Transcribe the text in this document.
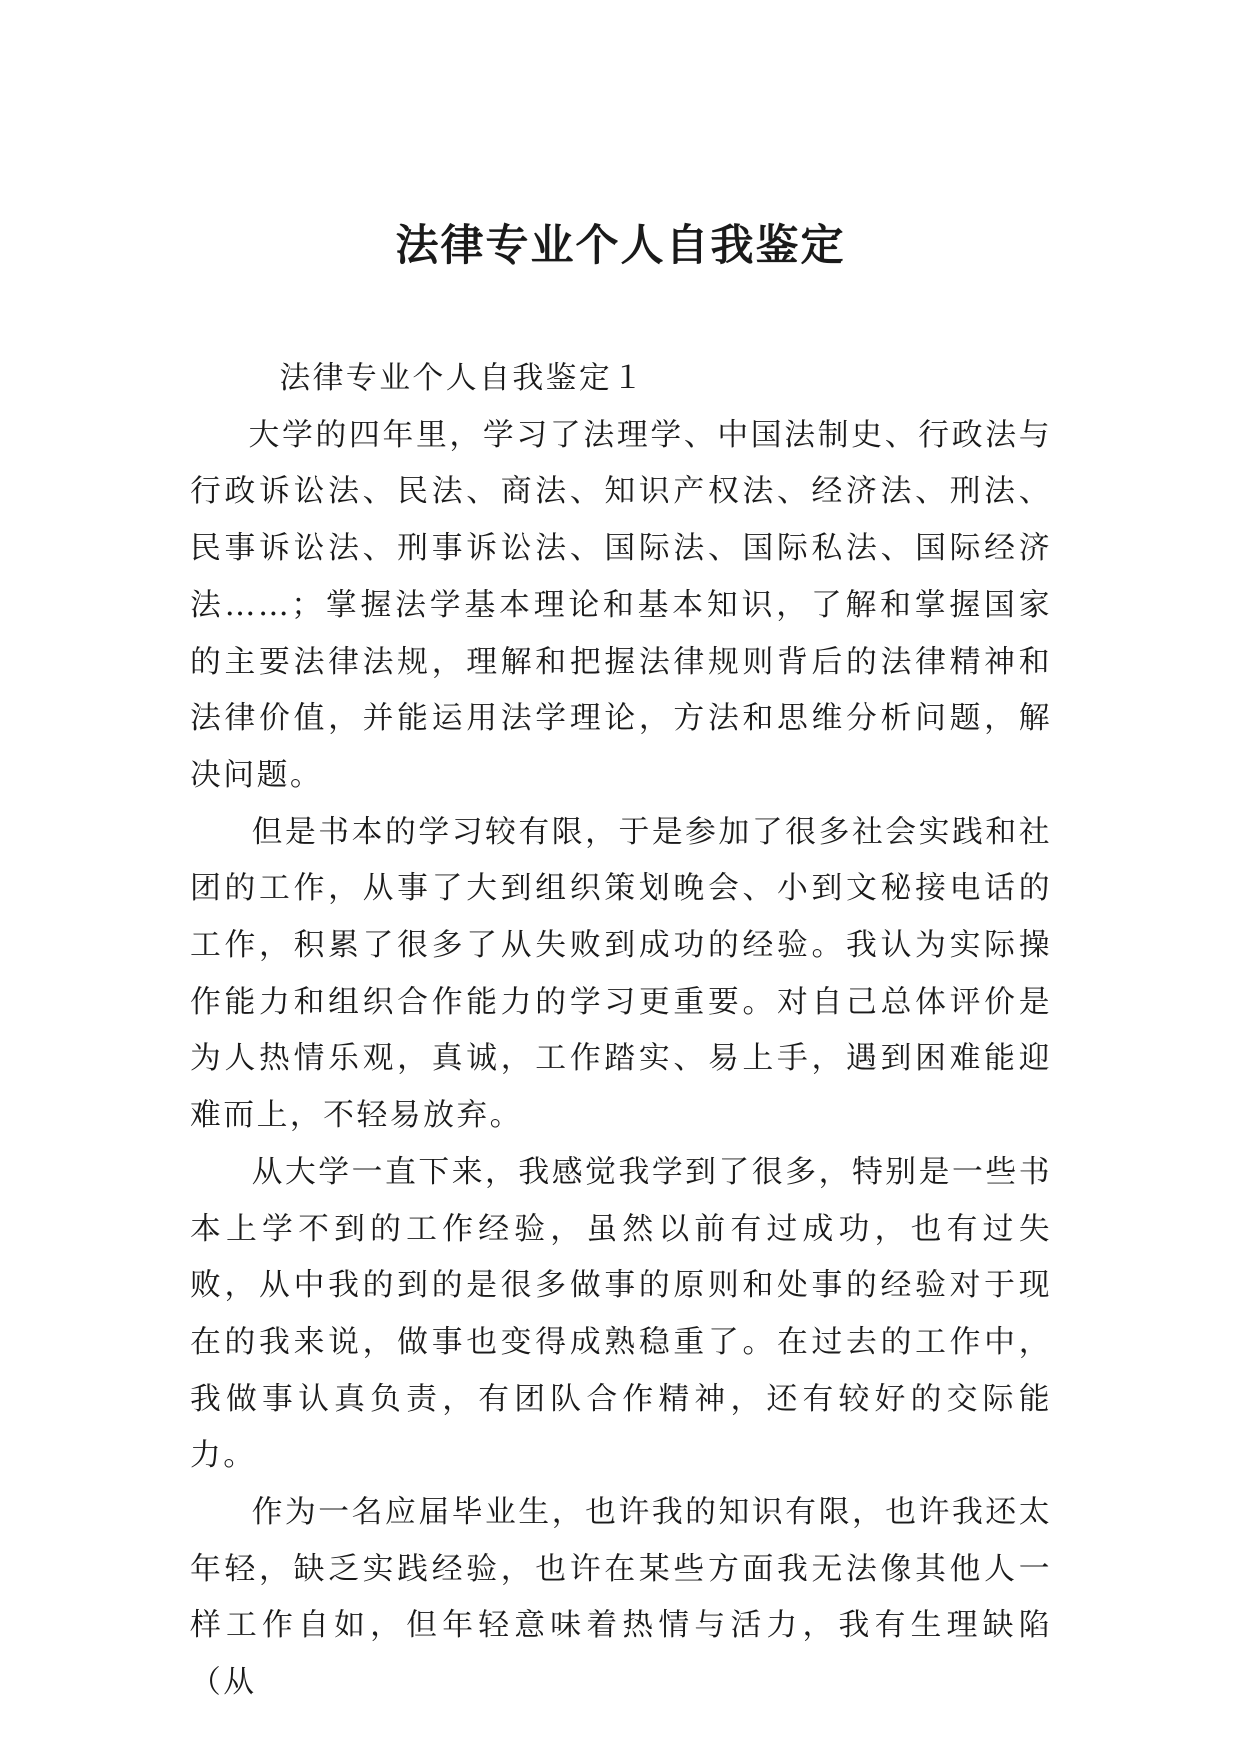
法律专业个人自我鉴定

法律专业个人自我鉴定１

大学的四年里，学习了法理学、中国法制史、行政法与行政诉讼法、民法、商法、知识产权法、经济法、刑法、民事诉讼法、刑事诉讼法、国际法、国际私法、国际经济法……；掌握法学基本理论和基本知识，了解和掌握国家的主要法律法规，理解和把握法律规则背后的法律精神和法律价值，并能运用法学理论，方法和思维分析问题，解决问题。

但是书本的学习较有限，于是参加了很多社会实践和社团的工作，从事了大到组织策划晚会、小到文秘接电话的工作，积累了很多了从失败到成功的经验。我认为实际操作能力和组织合作能力的学习更重要。对自己总体评价是为人热情乐观，真诚，工作踏实、易上手，遇到困难能迎难而上，不轻易放弃。

从大学一直下来，我感觉我学到了很多，特别是一些书本上学不到的工作经验，虽然以前有过成功，也有过失败，从中我的到的是很多做事的原则和处事的经验对于现在的我来说，做事也变得成熟稳重了。在过去的工作中，我做事认真负责，有团队合作精神，还有较好的交际能力。

作为一名应届毕业生，也许我的知识有限，也许我还太年轻，缺乏实践经验，也许在某些方面我无法像其他人一样工作自如，但年轻意味着热情与活力，我有生理缺陷（从
